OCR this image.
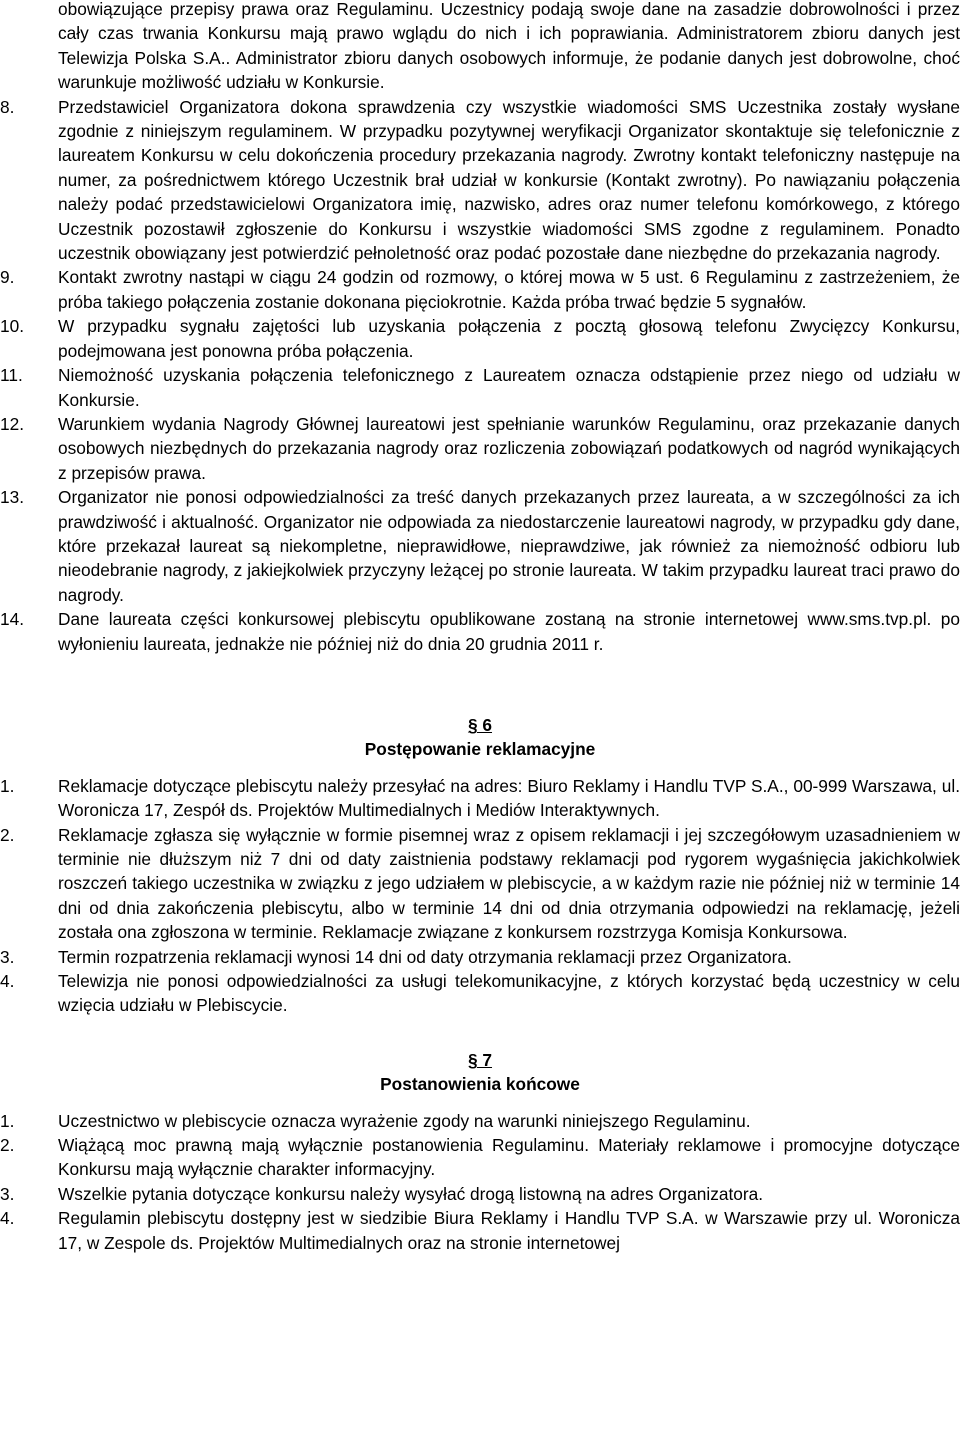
obowiązujące przepisy prawa oraz Regulaminu. Uczestnicy podają swoje dane na zasadzie dobrowolności i przez cały czas trwania Konkursu mają prawo wglądu do nich i ich poprawiania. Administratorem zbioru danych jest Telewizja Polska S.A.. Administrator zbioru danych osobowych informuje, że podanie danych jest dobrowolne, choć warunkuje możliwość udziału w Konkursie.

8.	Przedstawiciel Organizatora dokona sprawdzenia czy wszystkie wiadomości SMS Uczestnika zostały wysłane zgodnie z niniejszym regulaminem. W przypadku pozytywnej weryfikacji Organizator skontaktuje się telefonicznie z laureatem Konkursu w celu dokończenia procedury przekazania nagrody. Zwrotny kontakt telefoniczny następuje na numer, za pośrednictwem którego Uczestnik brał udział w konkursie (Kontakt zwrotny). Po nawiązaniu połączenia należy podać przedstawicielowi Organizatora imię, nazwisko, adres oraz numer telefonu komórkowego, z którego Uczestnik pozostawił zgłoszenie do Konkursu i wszystkie wiadomości SMS zgodne z regulaminem. Ponadto uczestnik obowiązany jest potwierdzić pełnoletność oraz podać pozostałe dane niezbędne do przekazania nagrody.
9.	Kontakt zwrotny nastąpi w ciągu 24 godzin od rozmowy, o której mowa w 5 ust. 6 Regulaminu z zastrzeżeniem, że próba takiego połączenia zostanie dokonana pięciokrotnie. Każda próba trwać będzie 5 sygnałów.
10. W przypadku sygnału zajętości lub uzyskania połączenia z pocztą głosową telefonu Zwycięzcy Konkursu, podejmowana jest ponowna próba połączenia.
11. Niemożność uzyskania połączenia telefonicznego z Laureatem oznacza odstąpienie przez niego od udziału w Konkursie.
12. Warunkiem wydania Nagrody Głównej laureatowi jest spełnianie warunków Regulaminu, oraz przekazanie danych osobowych niezbędnych do przekazania nagrody oraz rozliczenia zobowiązań podatkowych od nagród wynikających z przepisów prawa.
13. Organizator nie ponosi odpowiedzialności za treść danych przekazanych przez laureata, a w szczególności za ich prawdziwość i aktualność. Organizator nie odpowiada za niedostarczenie laureatowi nagrody, w przypadku gdy dane, które przekazał laureat są niekompletne, nieprawidłowe, nieprawdziwe, jak również za niemożność odbioru lub nieodebranie nagrody, z jakiejkolwiek przyczyny leżącej po stronie laureata. W takim przypadku laureat traci prawo do nagrody.
14. Dane laureata części konkursowej plebiscytu opublikowane zostaną na stronie internetowej www.sms.tvp.pl. po wyłonieniu laureata, jednakże nie później niż do dnia 20 grudnia 2011 r.
§ 6
Postępowanie reklamacyjne
1.	Reklamacje dotyczące plebiscytu należy przesyłać na adres: Biuro Reklamy i Handlu TVP S.A., 00-999 Warszawa, ul. Woronicza 17, Zespół ds. Projektów Multimedialnych i Mediów Interaktywnych.
2.	Reklamacje zgłasza się wyłącznie w formie pisemnej wraz z opisem reklamacji i jej szczegółowym uzasadnieniem w terminie nie dłuższym niż 7 dni od daty zaistnienia podstawy reklamacji pod rygorem wygaśnięcia jakichkolwiek roszczeń takiego uczestnika w związku z jego udziałem w plebiscycie, a w każdym razie nie później niż w terminie 14 dni od dnia zakończenia plebiscytu, albo w terminie 14 dni od dnia otrzymania odpowiedzi na reklamację, jeżeli została ona zgłoszona w terminie. Reklamacje związane z konkursem rozstrzyga Komisja Konkursowa.
3.	Termin rozpatrzenia reklamacji wynosi 14 dni od daty otrzymania reklamacji przez Organizatora.
4.	Telewizja nie ponosi odpowiedzialności za usługi telekomunikacyjne, z których korzystać będą uczestnicy w celu wzięcia udziału w Plebiscycie.
§ 7
Postanowienia końcowe
1.	Uczestnictwo w plebiscycie oznacza wyrażenie zgody na warunki niniejszego Regulaminu.
2.	Wiążącą moc prawną mają wyłącznie postanowienia Regulaminu. Materiały reklamowe i promocyjne dotyczące Konkursu mają wyłącznie charakter informacyjny.
3.	Wszelkie pytania dotyczące konkursu należy wysyłać drogą listowną na adres Organizatora.
4.	Regulamin plebiscytu dostępny jest w siedzibie Biura Reklamy i Handlu TVP S.A. w Warszawie przy ul. Woronicza 17, w Zespole ds. Projektów Multimedialnych oraz na stronie internetowej
